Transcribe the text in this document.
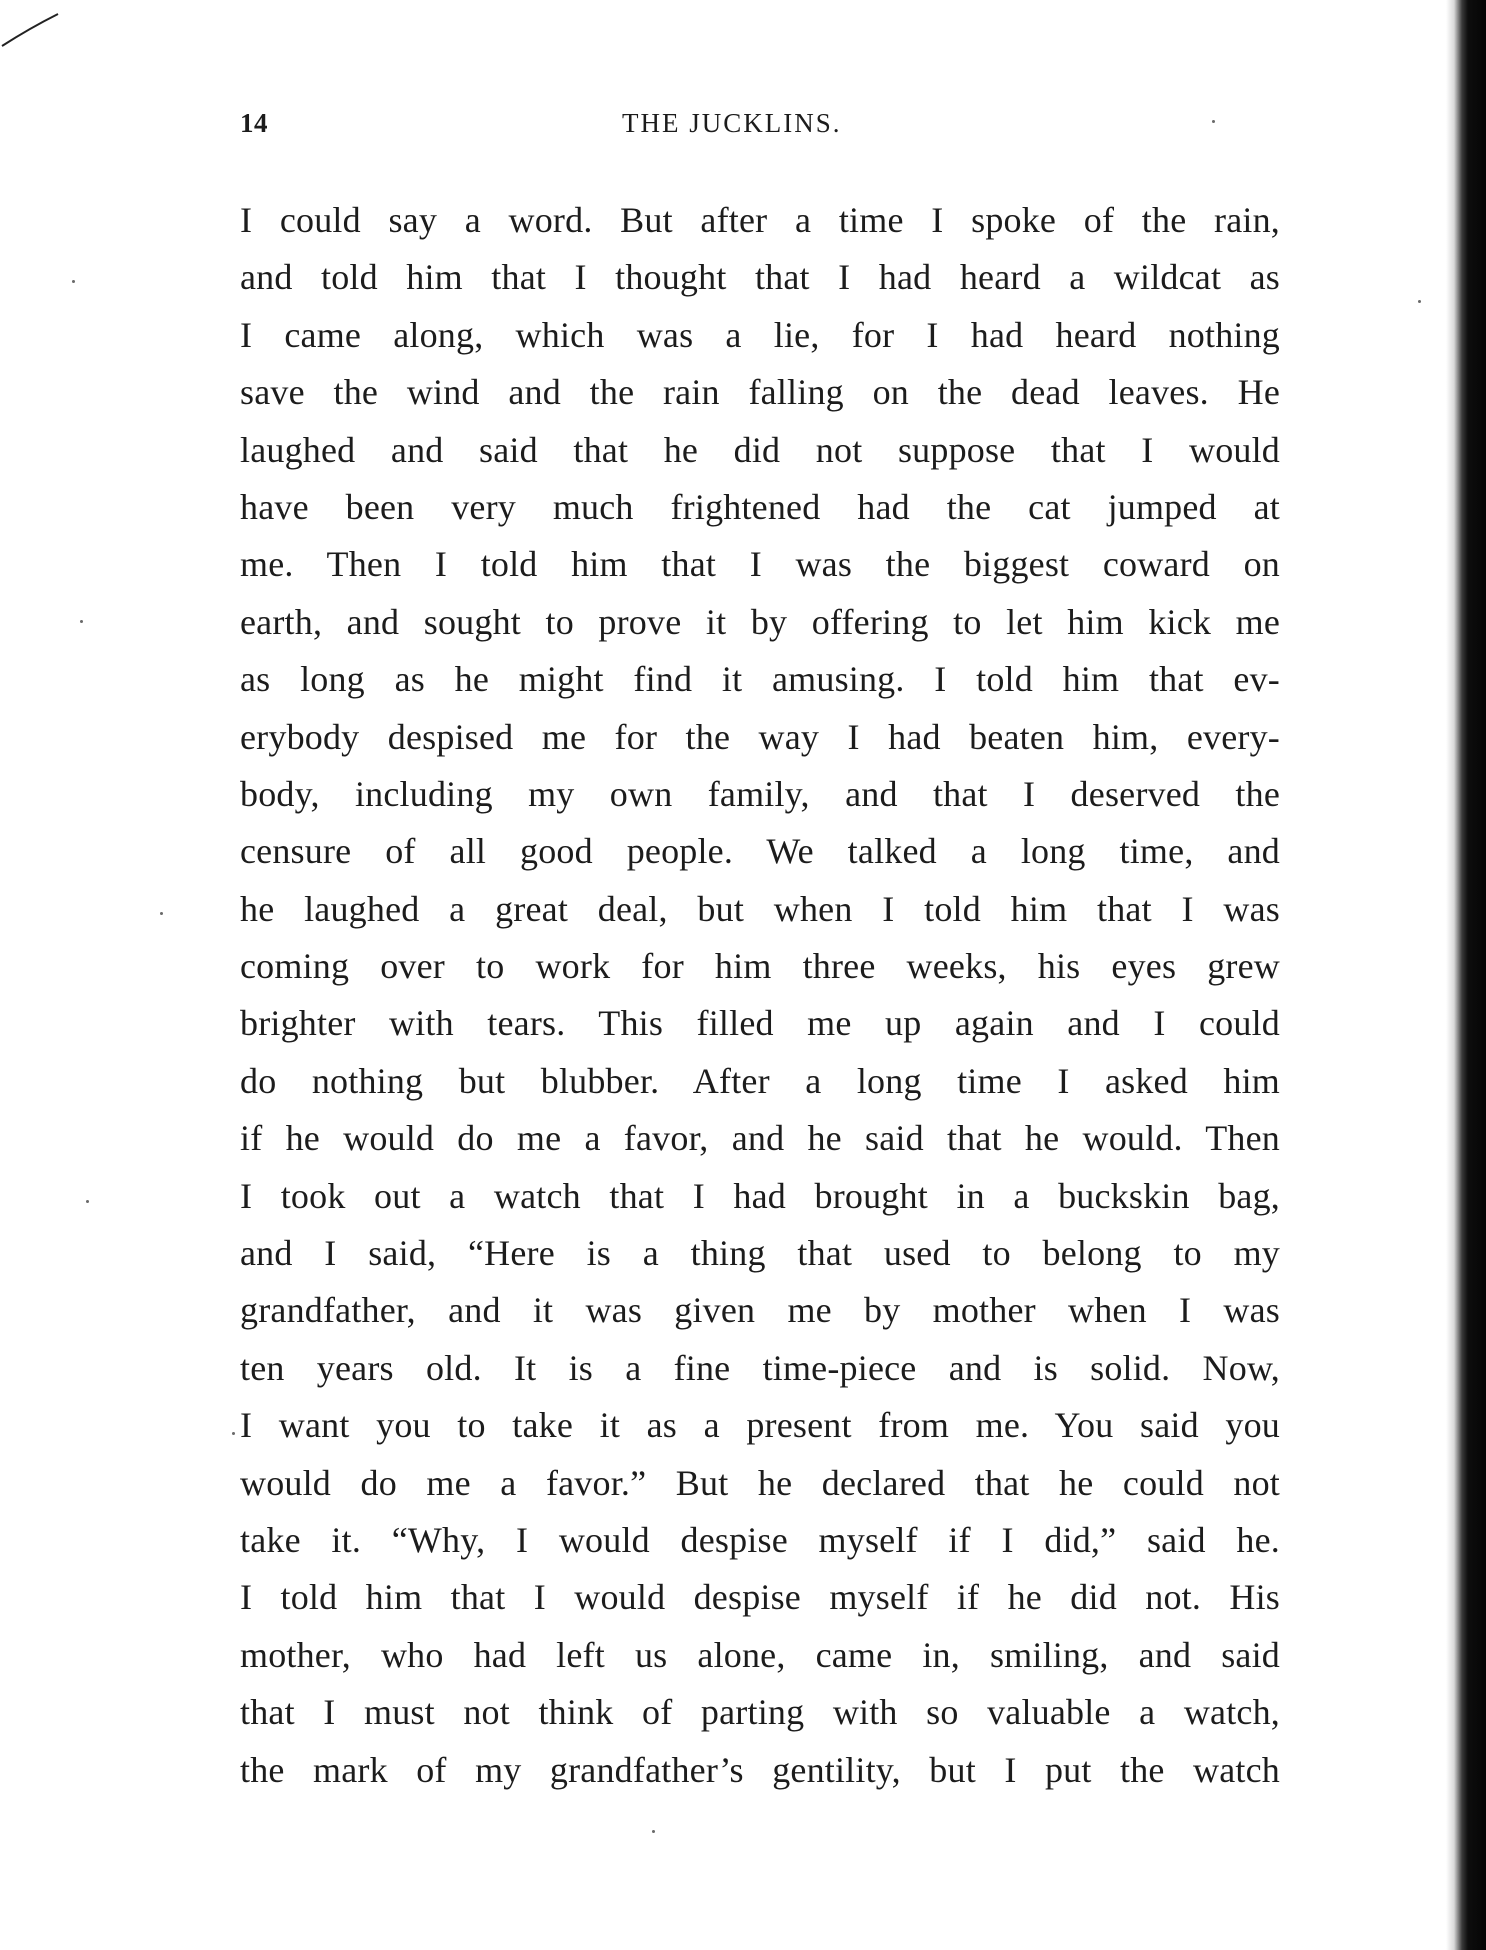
14	THE JUCKLINS.
I could say a word. But after a time I spoke of the rain,
and told him that I thought that I had heard a wildcat as
I came along, which was a lie, for I had heard nothing
save the wind and the rain falling on the dead leaves. He
laughed and said that he did not suppose that I would
have been very much frightened had the cat jumped at
me. Then I told him that I was the biggest coward on
earth, and sought to prove it by offering to let him kick me
as long as he might find it amusing. I told him that ev-
erybody despised me for the way I had beaten him, every-
body, including my own family, and that I deserved the
censure of all good people. We talked a long time, and
he laughed a great deal, but when I told him that I was
coming over to work for him three weeks, his eyes grew
brighter with tears. This filled me up again and I could
do nothing but blubber. After a long time I asked him
if he would do me a favor, and he said that he would. Then
I took out a watch that I had brought in a buckskin bag,
and I said, “Here is a thing that used to belong to my
grandfather, and it was given me by mother when I was
ten years old. It is a fine time-piece and is solid. Now,
I want you to take it as a present from me. You said you
would do me a favor.” But he declared that he could not
take it. “Why, I would despise myself if I did,” said he.
I told him that I would despise myself if he did not. His
mother, who had left us alone, came in, smiling, and said
that I must not think of parting with so valuable a watch,
the mark of my grandfather’s gentility, but I put the watch
